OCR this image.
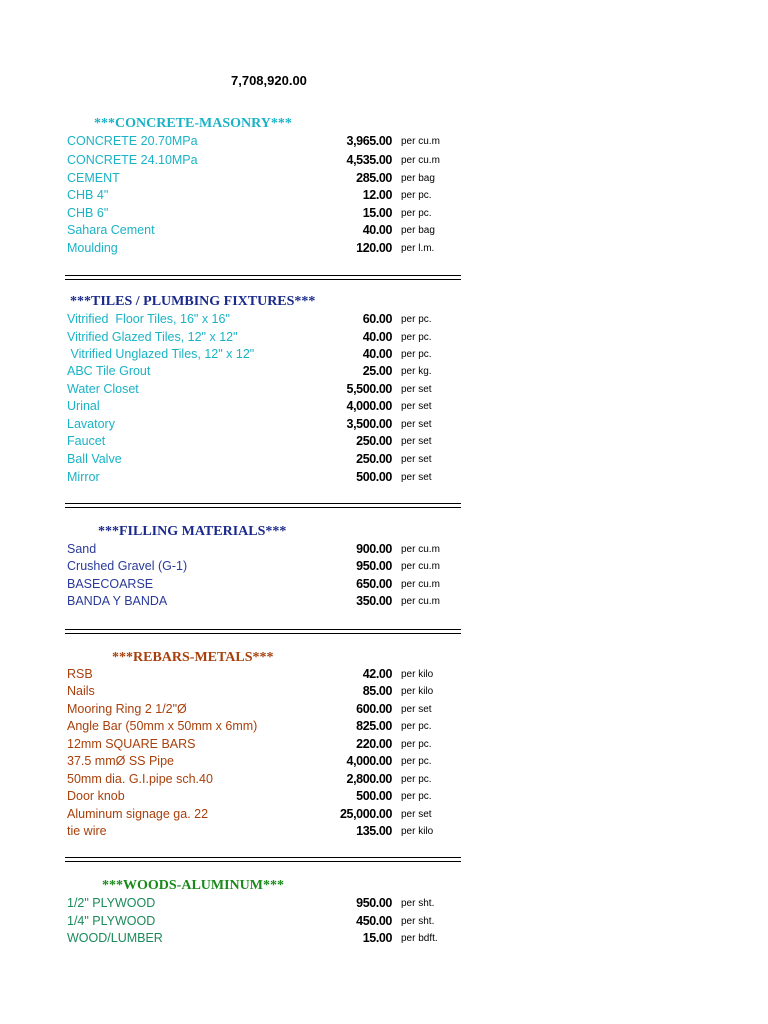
7,708,920.00
***CONCRETE-MASONRY***
CONCRETE 20.70MPa	3,965.00 per cu.m
CONCRETE 24.10MPa	4,535.00 per cu.m
CEMENT	285.00 per bag
CHB 4"	12.00 per pc.
CHB 6"	15.00 per pc.
Sahara Cement	40.00 per bag
Moulding	120.00 per l.m.
***TILES / PLUMBING FIXTURES***
Vitrified  Floor Tiles, 16" x 16"	60.00 per pc.
Vitrified Glazed Tiles, 12" x 12"	40.00 per pc.
Vitrified Unglazed Tiles, 12" x 12"	40.00 per pc.
ABC Tile Grout	25.00 per kg.
Water Closet	5,500.00 per set
Urinal	4,000.00 per set
Lavatory	3,500.00 per set
Faucet	250.00 per set
Ball Valve	250.00 per set
Mirror	500.00 per set
***FILLING MATERIALS***
Sand	900.00 per cu.m
Crushed Gravel (G-1)	950.00 per cu.m
BASECOARSE	650.00 per cu.m
BANDA Y BANDA	350.00 per cu.m
***REBARS-METALS***
RSB	42.00 per kilo
Nails	85.00 per kilo
Mooring Ring 2 1/2"Ø	600.00 per set
Angle Bar (50mm x 50mm x 6mm)	825.00 per pc.
12mm SQUARE BARS	220.00 per pc.
37.5 mmØ SS Pipe	4,000.00 per pc.
50mm dia. G.I.pipe sch.40	2,800.00 per pc.
Door knob	500.00 per pc.
Aluminum signage ga. 22	25,000.00 per set
tie wire	135.00 per kilo
***WOODS-ALUMINUM***
1/2" PLYWOOD	950.00 per sht.
1/4" PLYWOOD	450.00 per sht.
WOOD/LUMBER	15.00 per bdft.
